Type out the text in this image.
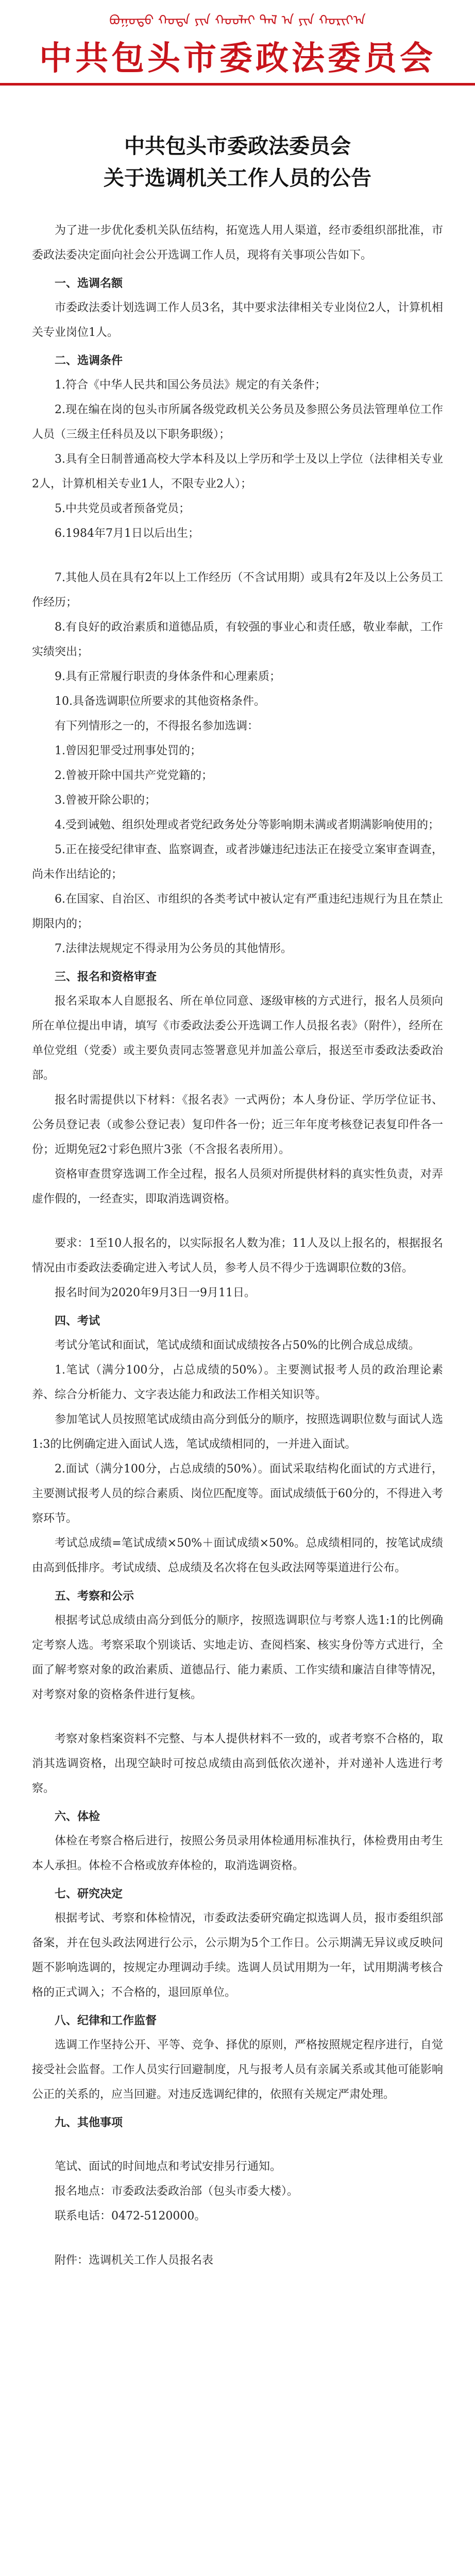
ᠪᠤᠭᠤᠲᠤ ᠬᠣᠲᠠ ᠶᠢᠨ ᠬᠣᠣᠯᠠᠢ ᠲᠠᠯ ᠠ ᠶᠢᠨ ᠬᠣᠷᠢᠶ᠎ᠠ
中共包头市委政法委员会
中共包头市委政法委员会
关于选调机关工作人员的公告

为了进一步优化委机关队伍结构，拓宽选人用人渠道，经市委组织部批准，市委政法委决定面向社会公开选调工作人员，现将有关事项公告如下。

一、选调名额

市委政法委计划选调工作人员3名，其中要求法律相关专业岗位2人，计算机相关专业岗位1人。

二、选调条件

1.符合《中华人民共和国公务员法》规定的有关条件；

2.现在编在岗的包头市所属各级党政机关公务员及参照公务员法管理单位工作人员（三级主任科员及以下职务职级）；

3.具有全日制普通高校大学本科及以上学历和学士及以上学位（法律相关专业2人，计算机相关专业1人，不限专业2人）；

5.中共党员或者预备党员；

6.1984年7月1日以后出生；

7.其他人员在具有2年以上工作经历（不含试用期）或具有2年及以上公务员工作经历；

8.有良好的政治素质和道德品质，有较强的事业心和责任感，敬业奉献，工作实绩突出；

9.具有正常履行职责的身体条件和心理素质；

10.具备选调职位所要求的其他资格条件。

有下列情形之一的，不得报名参加选调：

1.曾因犯罪受过刑事处罚的；

2.曾被开除中国共产党党籍的；

3.曾被开除公职的；

4.受到诫勉、组织处理或者党纪政务处分等影响期未满或者期满影响使用的；

5.正在接受纪律审查、监察调查，或者涉嫌违纪违法正在接受立案审查调查，尚未作出结论的；

6.在国家、自治区、市组织的各类考试中被认定有严重违纪违规行为且在禁止期限内的；

7.法律法规规定不得录用为公务员的其他情形。

三、报名和资格审查

报名采取本人自愿报名、所在单位同意、逐级审核的方式进行，报名人员须向所在单位提出申请，填写《市委政法委公开选调工作人员报名表》（附件），经所在单位党组（党委）或主要负责同志签署意见并加盖公章后，报送至市委政法委政治部。

报名时需提供以下材料：《报名表》一式两份；本人身份证、学历学位证书、公务员登记表（或参公登记表）复印件各一份；近三年年度考核登记表复印件各一份；近期免冠2寸彩色照片3张（不含报名表所用）。

资格审查贯穿选调工作全过程，报名人员须对所提供材料的真实性负责，对弄虚作假的，一经查实，即取消选调资格。

要求：1至10人报名的，以实际报名人数为准；11人及以上报名的，根据报名情况由市委政法委确定进入考试人员，参考人员不得少于选调职位数的3倍。

报名时间为2020年9月3日一9月11日。

四、考试

考试分笔试和面试，笔试成绩和面试成绩按各占50%的比例合成总成绩。

1.笔试（满分100分，占总成绩的50%）。主要测试报考人员的政治理论素养、综合分析能力、文字表达能力和政法工作相关知识等。

参加笔试人员按照笔试成绩由高分到低分的顺序，按照选调职位数与面试人选1:3的比例确定进入面试人选，笔试成绩相同的，一并进入面试。

2.面试（满分100分，占总成绩的50%）。面试采取结构化面试的方式进行，主要测试报考人员的综合素质、岗位匹配度等。面试成绩低于60分的，不得进入考察环节。

考试总成绩=笔试成绩×50%＋面试成绩×50%。总成绩相同的，按笔试成绩由高到低排序。考试成绩、总成绩及名次将在包头政法网等渠道进行公布。

五、考察和公示

根据考试总成绩由高分到低分的顺序，按照选调职位与考察人选1:1的比例确定考察人选。考察采取个别谈话、实地走访、查阅档案、核实身份等方式进行，全面了解考察对象的政治素质、道德品行、能力素质、工作实绩和廉洁自律等情况，对考察对象的资格条件进行复核。

考察对象档案资料不完整、与本人提供材料不一致的，或者考察不合格的，取消其选调资格，出现空缺时可按总成绩由高到低依次递补，并对递补人选进行考察。

六、体检

体检在考察合格后进行，按照公务员录用体检通用标准执行，体检费用由考生本人承担。体检不合格或放弃体检的，取消选调资格。

七、研究决定

根据考试、考察和体检情况，市委政法委研究确定拟选调人员，报市委组织部备案，并在包头政法网进行公示，公示期为5个工作日。公示期满无异议或反映问题不影响选调的，按规定办理调动手续。选调人员试用期为一年，试用期满考核合格的正式调入；不合格的，退回原单位。

八、纪律和工作监督

选调工作坚持公开、平等、竞争、择优的原则，严格按照规定程序进行，自觉接受社会监督。工作人员实行回避制度，凡与报考人员有亲属关系或其他可能影响公正的关系的，应当回避。对违反选调纪律的，依照有关规定严肃处理。

九、其他事项

笔试、面试的时间地点和考试安排另行通知。

报名地点：市委政法委政治部（包头市委大楼）。

联系电话：0472-5120000。

附件：选调机关工作人员报名表
